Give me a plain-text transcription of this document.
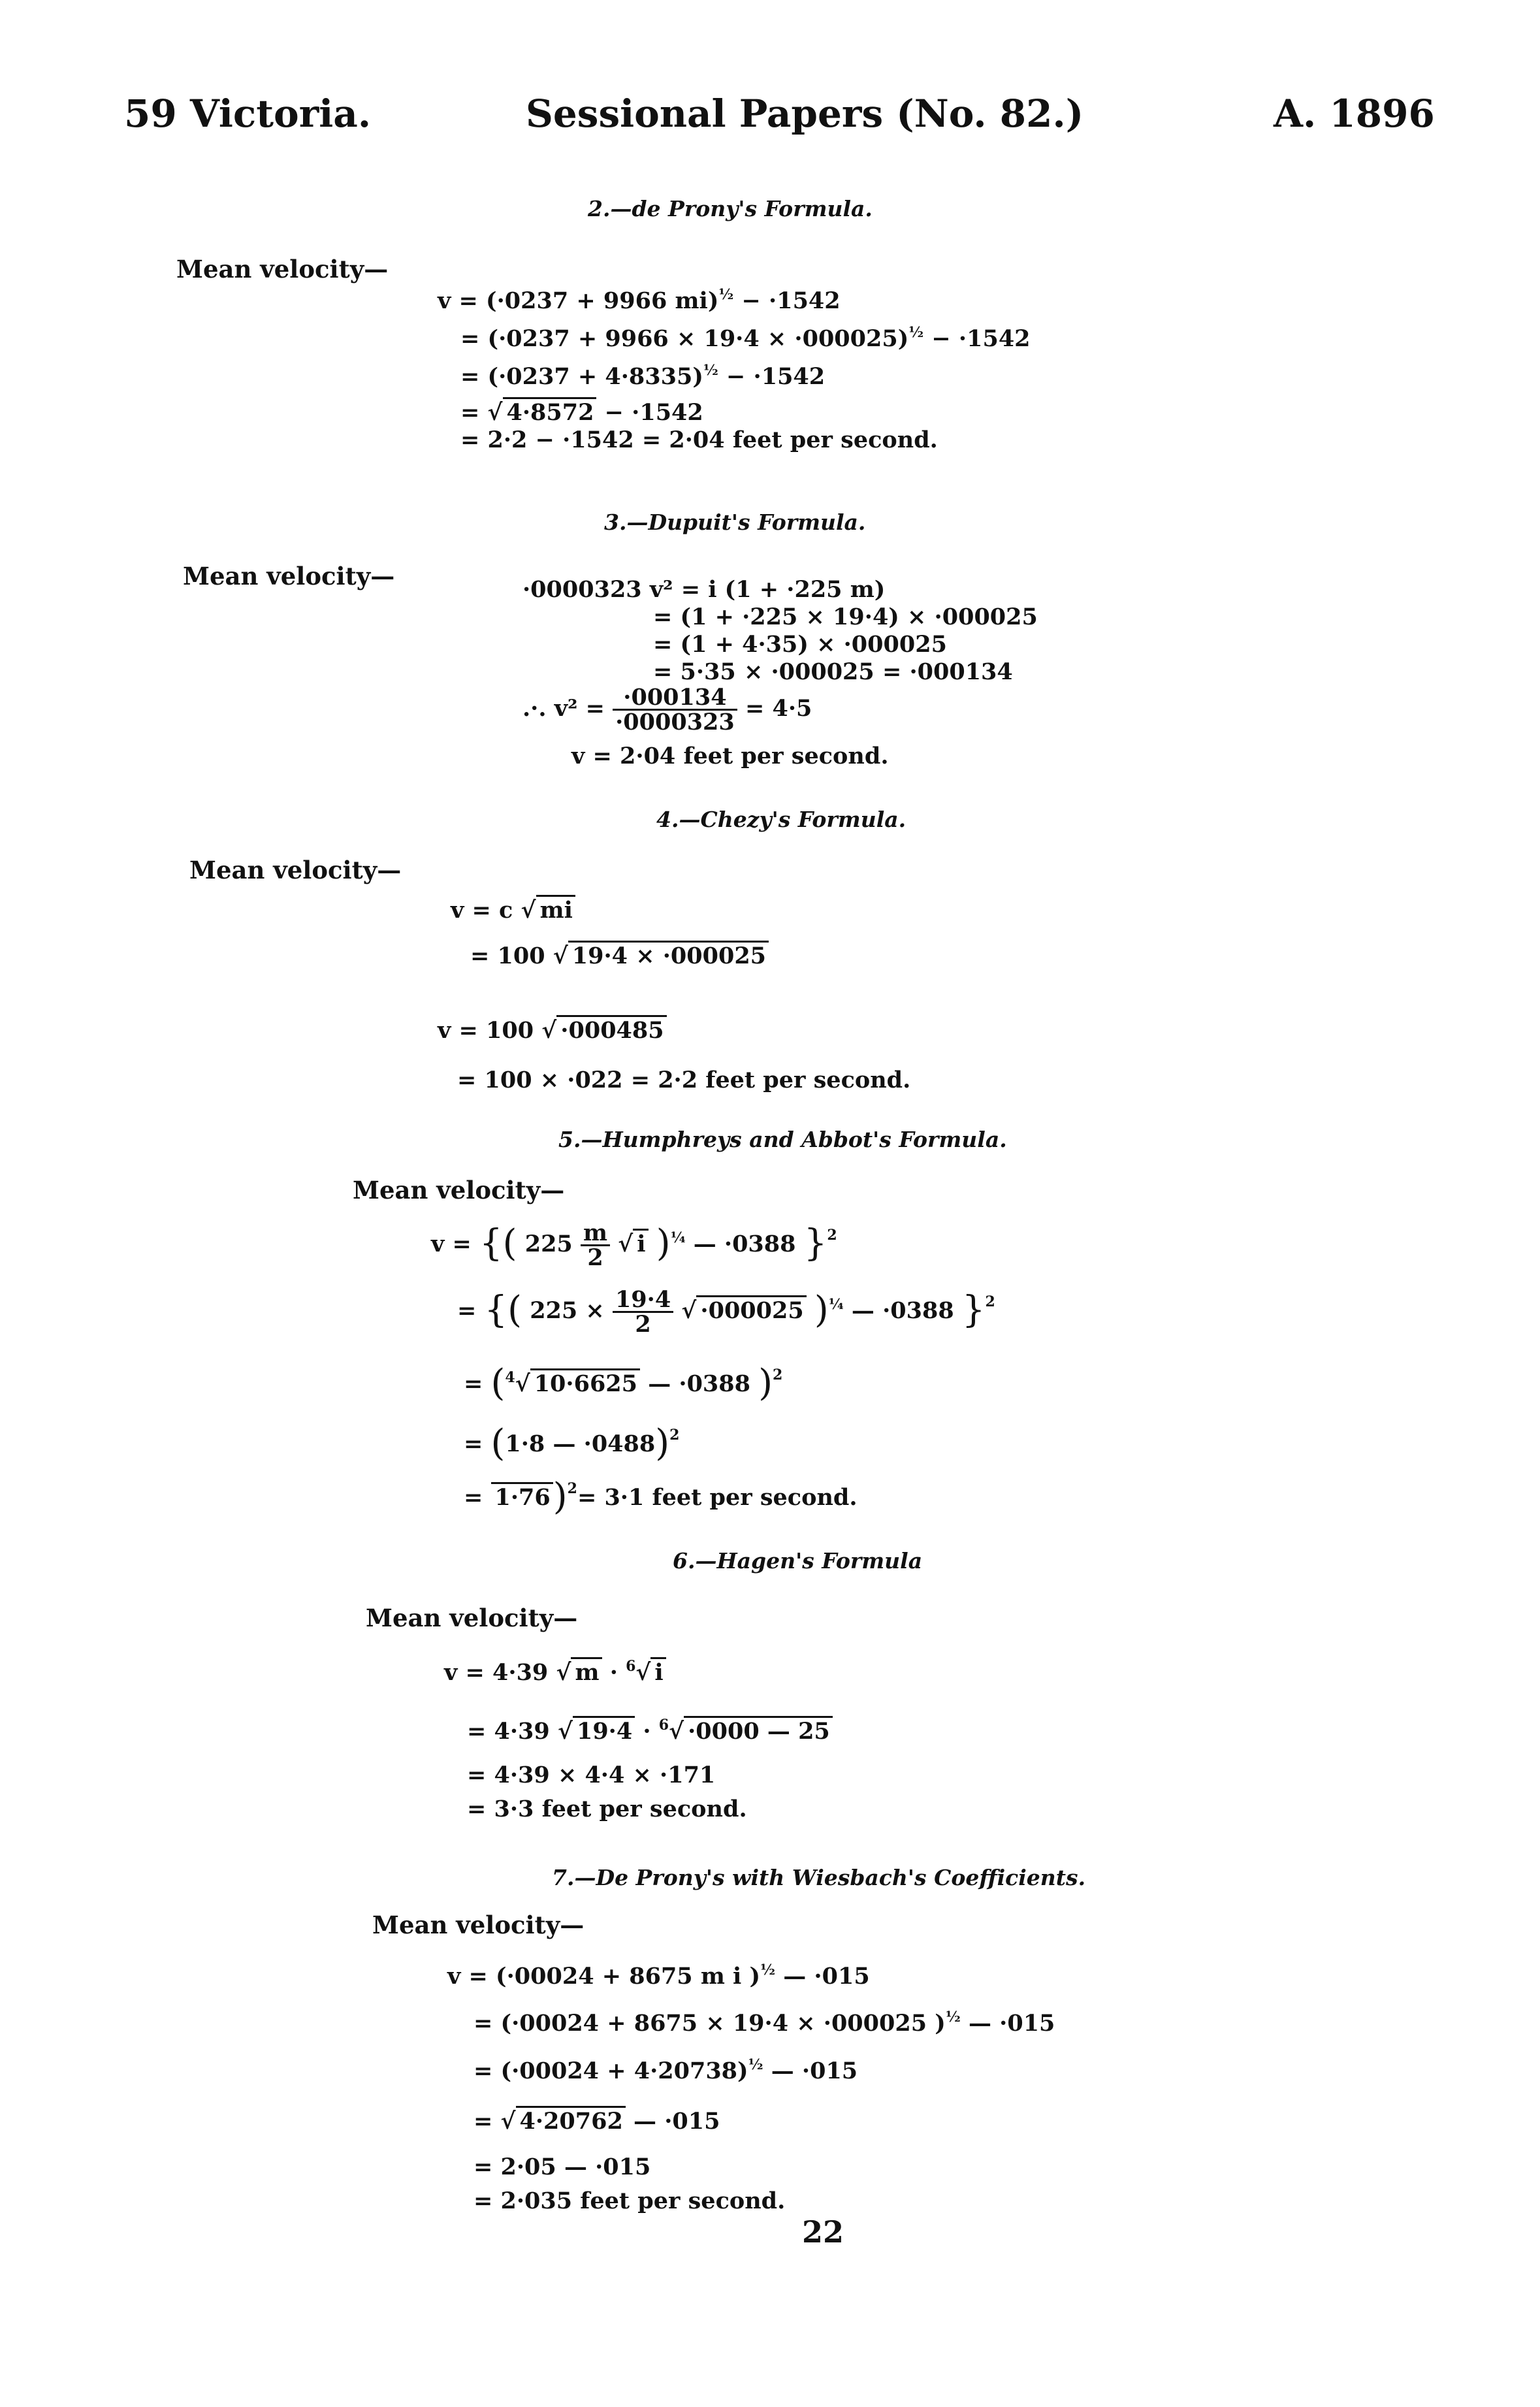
59 Victoria.	Sessional Papers (No. 82.)	A. 1896
2.—de Prony's Formula.
Mean velocity—
v = (·0237 + 9966 mi)$^{\frac{1}{2}}$ − ·1542
= $(\cdot 0237 + 9966 \times 19\cdot 4 \times \cdot 000025)^{\frac{1}{2}} - \cdot 1542$
= $(\cdot 0237 + 4\cdot 8335)^{\frac{1}{2}} - \cdot 1542$
= √ 4·8572 − ·1542
= 2·2 − ·1542 = 2·04 feet per second.
3.—Dupuit's Formula.
Mean velocity—	·0000323 v² = i (1 + ·225 m)
= (1 + ·225 × 19·4) × ·000025
= (1 + 4·35) × ·000025
= 5·35 × ·000025 = ·000134
.·. $v^2 = \frac{\cdot 000134}{\cdot 0000323} = 4\cdot 5$
v = 2·04 feet per second.
4.—Chezy's Formula.
Mean velocity—
v = c √ mi
= 100 √ 19·4 × ·000025
v = 100 √ ·000485
= 100 × ·022 = 2·2 feet per second.
5.—Humphreys and Abbot's Formula.
Mean velocity—
v = {( $225 \frac{m}{2}$ √ i )$^{\frac{1}{4}}$ — ·0388 }$^2$
= {( $225 \times \frac{19\cdot 4}{2}$ √ ·000025 )$^{\frac{1}{4}}$ — ·0388 }$^2$
= ($^4$√ 10·6625 — ·0388 )$^2$
= (1·8 — ·0488)$^2$
= 1·76)$^2$= 3·1 feet per second.
6.—Hagen's Formula
Mean velocity—
v = 4·39 √ m · $^6$√ i
= 4·39 √ 19·4 · $^6$√ ·0000 — 25
= 4·39 × 4·4 × ·171
= 3·3 feet per second.
7.—De Prony's with Wiesbach's Coefficients.
Mean velocity—
v = (·00024 + 8675 m i )$^{\frac{1}{2}}$ — ·015
= (·00024 + 8675 × 19·4 × ·000025 )$^{\frac{1}{2}}$ — ·015
= $(\cdot 00024 + 4\cdot 20738)^{\frac{1}{2}}$ — ·015
= √ 4·20762 — ·015
= 2·05 — ·015
= 2·035 feet per second.
22
